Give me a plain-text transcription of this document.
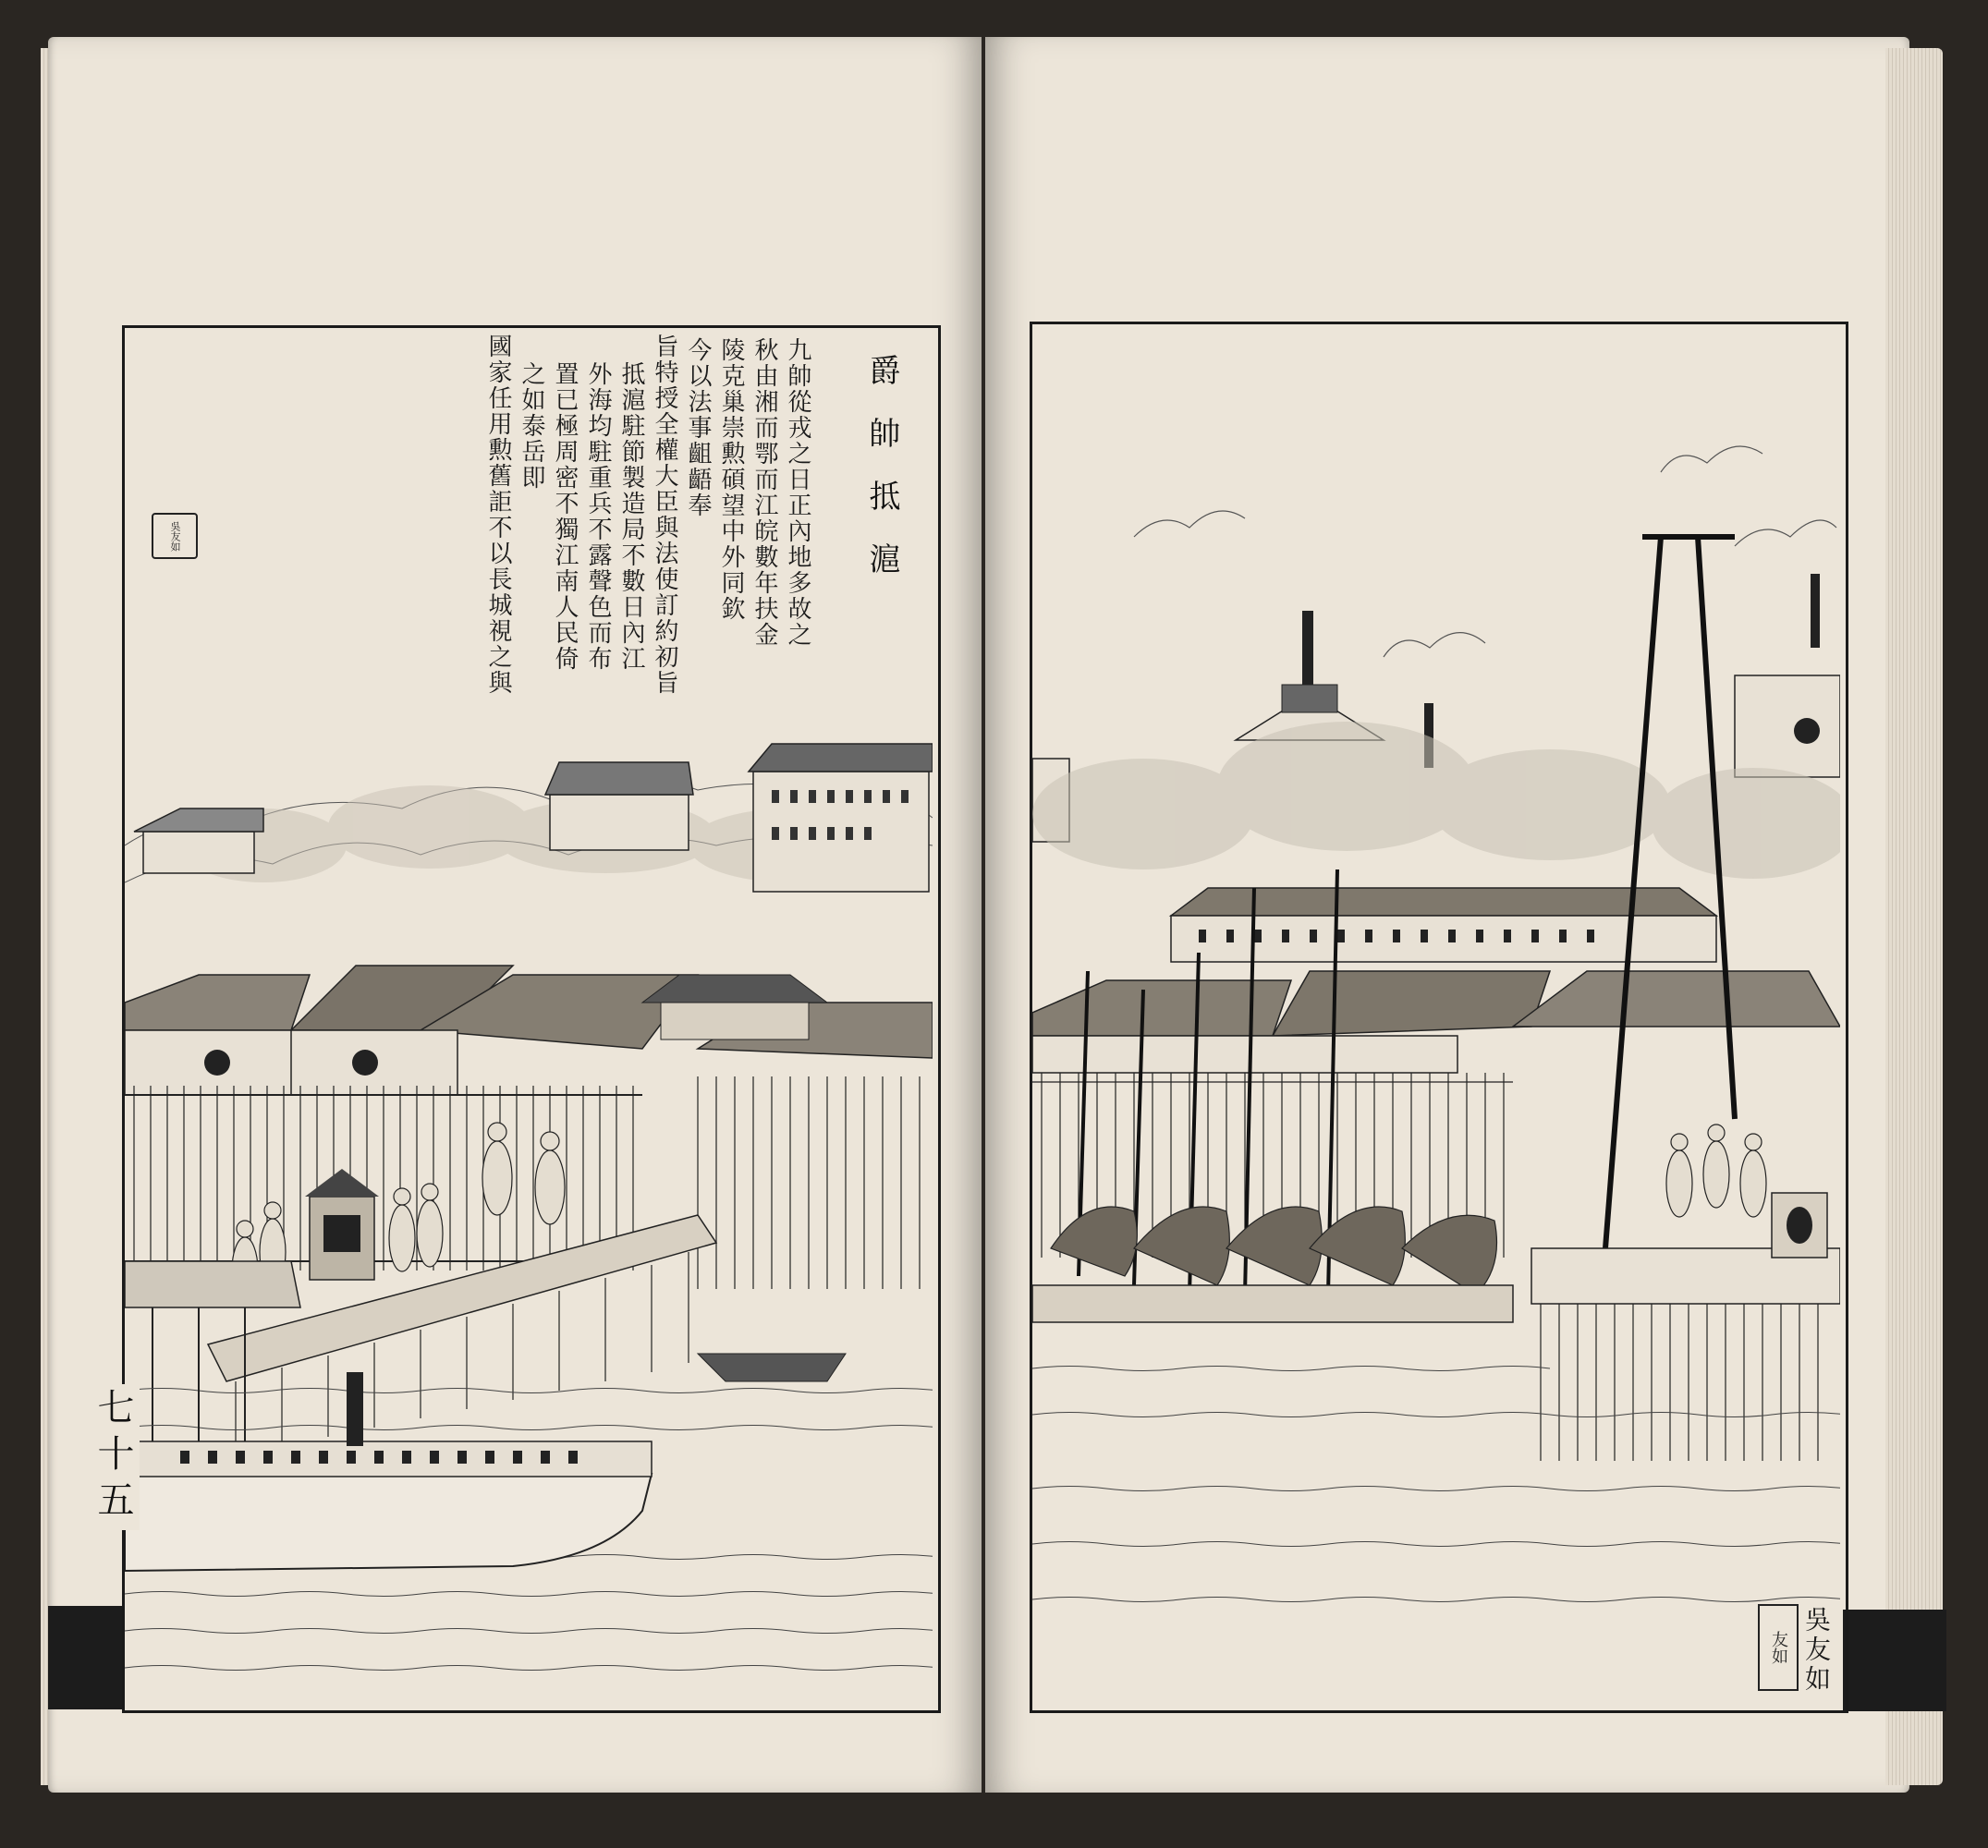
爵帥抵滬
九帥從戎之日正內地多故之
秋由湘而鄂而江皖數年扶金
陵克巢崇勲碩望中外同欽
今以法事齟齬奉
旨特授全權大臣與法使訂約初旨
抵滬駐節製造局不數日內江
外海均駐重兵不露聲色而布
置已極周密不獨江南人民倚
之如泰岳即
國家任用勲舊詎不以長城視之與
吳友如
七十五
吳友如
友如
